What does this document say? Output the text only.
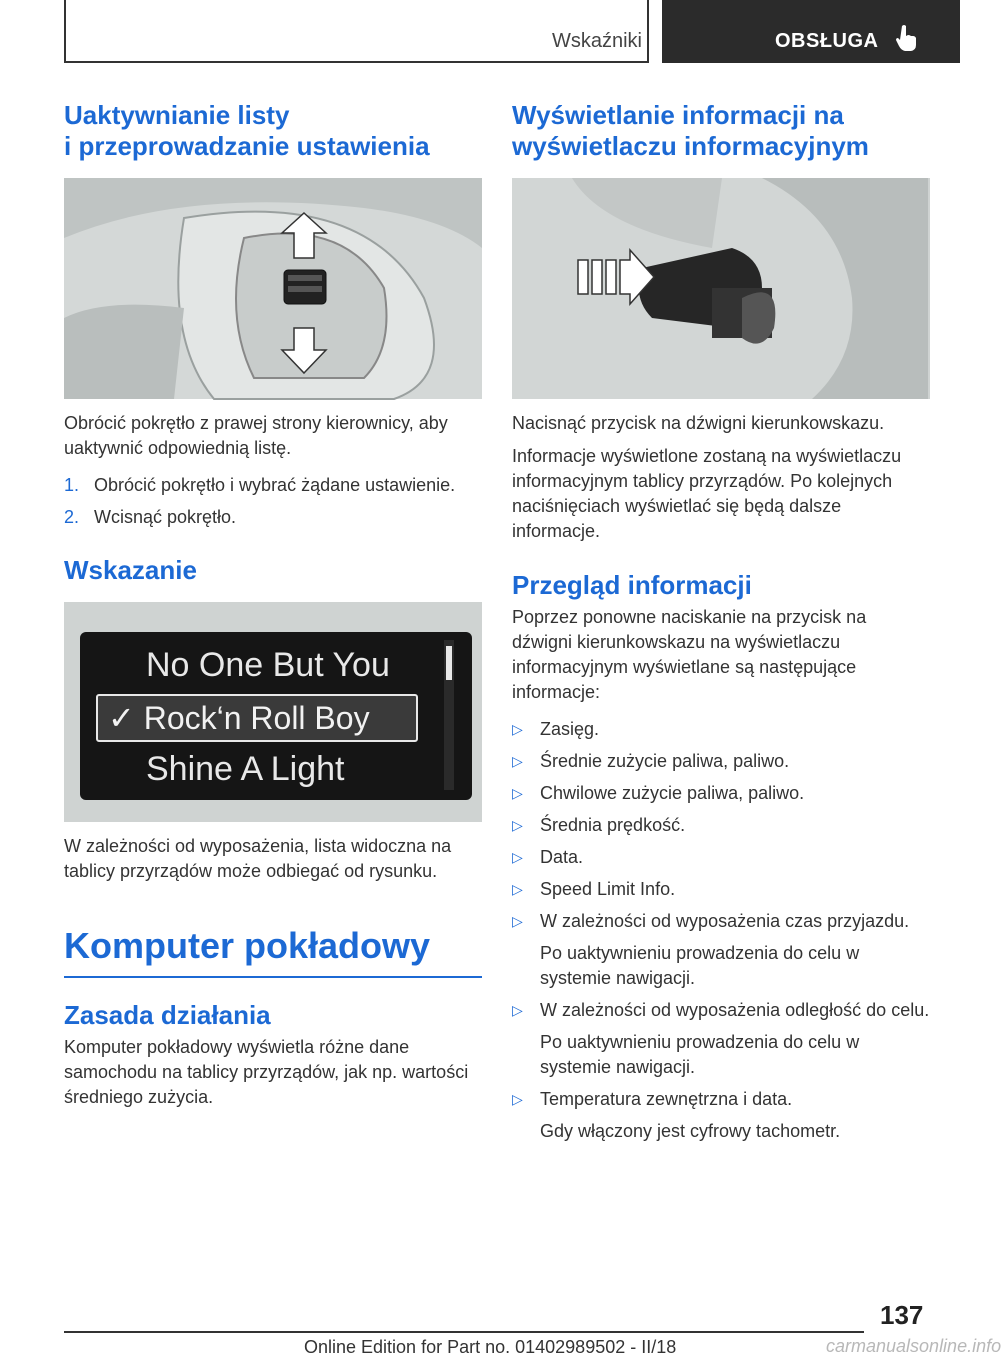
Wskaźniki	OBSŁUGA
Uaktywnianie listy
i przeprowadzanie ustawienia

Obrócić pokrętło z prawej strony kierownicy, aby uaktywnić odpowiednią listę.

1. Obrócić pokrętło i wybrać żądane ustawienie.
2. Wcisnąć pokrętło.
Wskazanie
No One But You
✓ Rock‘n Roll Boy
Shine A Light

W zależności od wyposażenia, lista widoczna na tablicy przyrządów może odbiegać od rysunku.

Komputer pokładowy
Zasada działania

Komputer pokładowy wyświetla różne dane samochodu na tablicy przyrządów, jak np. wartości średniego zużycia.

Wyświetlanie informacji na
wyświetlaczu informacyjnym

Nacisnąć przycisk na dźwigni kierunkowskazu.

Informacje wyświetlone zostaną na wyświetlaczu informacyjnym tablicy przyrządów. Po kolejnych naciśnięciach wyświetlać się będą dalsze informacje.

Przegląd informacji

Poprzez ponowne naciskanie na przycisk na dźwigni kierunkowskazu na wyświetlaczu informacyjnym wyświetlane są następujące informacje:

▷ Zasięg.
▷ Średnie zużycie paliwa, paliwo.
▷ Chwilowe zużycie paliwa, paliwo.
▷ Średnia prędkość.
▷ Data.
▷ Speed Limit Info.
▷ W zależności od wyposażenia czas przyjazdu.
Po uaktywnieniu prowadzenia do celu w systemie nawigacji.
▷ W zależności od wyposażenia odległość do celu.
Po uaktywnieniu prowadzenia do celu w systemie nawigacji.
▷ Temperatura zewnętrzna i data.
Gdy włączony jest cyfrowy tachometr.
137
Online Edition for Part no. 01402989502 - II/18	carmanualsonline.info
